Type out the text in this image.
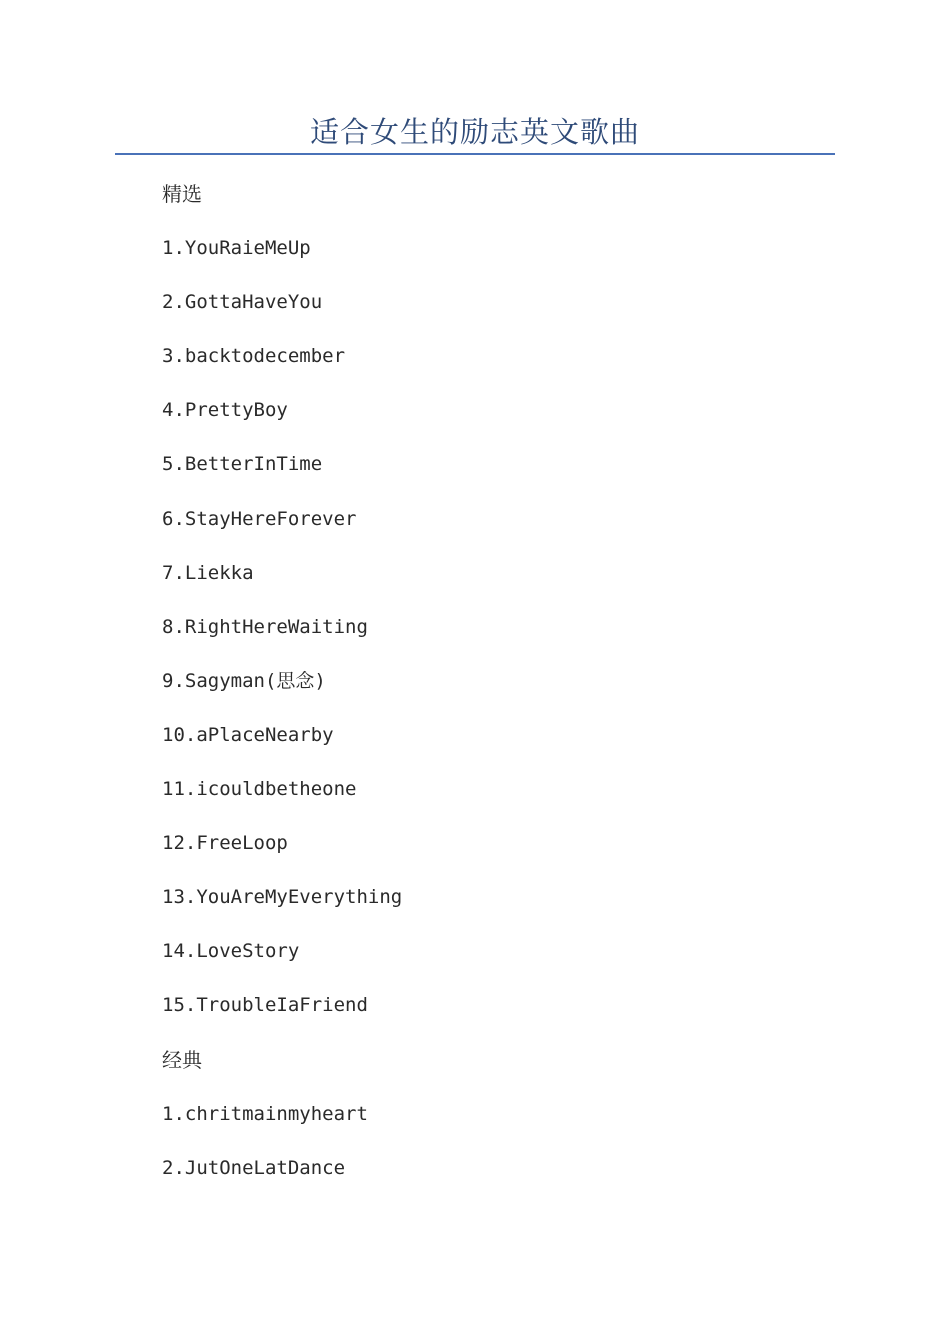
适合女生的励志英文歌曲
精选
1.YouRaieMeUp
2.GottaHaveYou
3.backtodecember
4.PrettyBoy
5.BetterInTime
6.StayHereForever
7.Liekka
8.RightHereWaiting
9.Sagyman(思念)
10.aPlaceNearby
11.icouldbetheone
12.FreeLoop
13.YouAreMyEverything
14.LoveStory
15.TroubleIaFriend
经典
1.chritmainmyheart
2.JutOneLatDance
